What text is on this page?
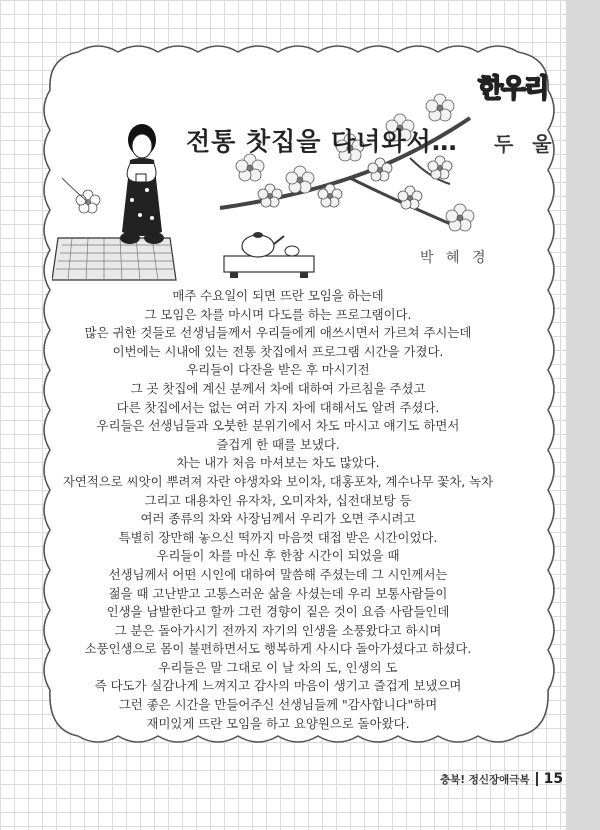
한우리
두 울
전통 찻집을 다녀와서…
박 혜 경
매주 수요일이 되면 뜨란 모임을 하는데
그 모임은 차를 마시며 다도를 하는 프로그램이다.
많은 귀한 것들로 선생님들께서 우리들에게 애쓰시면서 가르쳐 주시는데
이번에는 시내에 있는 전통 찻집에서 프로그램 시간을 가졌다.
우리들이 다잔을 받은 후 마시기전
그 곳 찻집에 계신 분께서 차에 대하여 가르침을 주셨고
다른 찻집에서는 없는 여러 가지 차에 대해서도 알려 주셨다.
우리들은 선생님들과 오붓한 분위기에서 차도 마시고 얘기도 하면서
즐겁게 한 때를 보냈다.
차는 내가 처음 마셔보는 차도 많았다.
자연적으로 씨앗이 뿌려져 자란 야생차와 보이차, 대홍포차, 계수나무 꽃차, 녹차
그리고 대용차인 유자차, 오미자차, 십전대보탕 등
여러 종류의 차와 사장님께서 우리가 오면 주시려고
특별히 장만해 놓으신 떡까지 마음껏 대접 받은 시간이었다.
우리들이 차를 마신 후 한참 시간이 되었을 때
선생님께서 어떤 시인에 대하여 말씀해 주셨는데 그 시인께서는
젊을 때 고난받고 고통스러운 삶을 사셨는데 우리 보통사람들이
인생을 남발한다고 할까 그런 경향이 짙은 것이 요즘 사람들인데
그 분은 돌아가시기 전까지 자기의 인생을 소풍왔다고 하시며
소풍인생으로 몸이 불편하면서도 행복하게 사시다 돌아가셨다고 하셨다.
우리들은 말 그대로 이 날 차의 도, 인생의 도
즉 다도가 실감나게 느껴지고 감사의 마음이 생기고 즐겁게 보냈으며
그런 좋은 시간을 만들어주신 선생님들께 "감사합니다"하며
재미있게 뜨란 모임을 하고 요양원으로 돌아왔다.
충북! 정신장애극복 15
